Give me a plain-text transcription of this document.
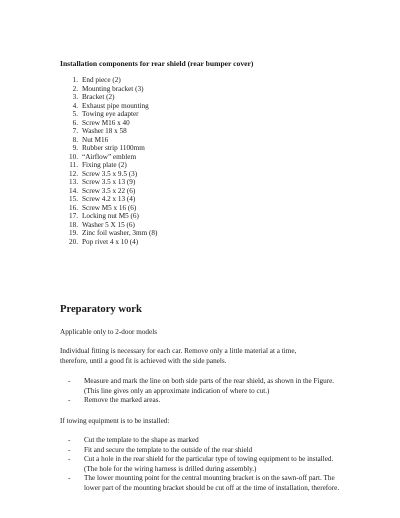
Installation components for rear shield (rear bumper cover)
1. End piece (2)
2. Mounting bracket (3)
3. Bracket (2)
4. Exhaust pipe mounting
5. Towing eye adapter
6. Screw M16 x 40
7. Washer 18 x 58
8. Nut M16
9. Rubber strip 1100mm
10. “Airflow” emblem
11. Fixing plate (2)
12. Screw 3.5 x 9.5 (3)
13. Screw 3.5 x 13 (9)
14. Screw 3.5 x 22 (6)
15. Screw 4.2 x 13 (4)
16. Screw M5 x 16 (6)
17. Locking nut M5 (6)
18. Washer 5 X 15 (6)
19. Zinc foil washer, 3mm (8)
20. Pop rivet 4 x 10 (4)
Preparatory work
Applicable only to 2-door models
Individual fitting is necessary for each car. Remove only a little material at a time,
therefore, until a good fit is achieved with the side panels.
-	Measure and mark the line on both side parts of the rear shield, as shown in the Figure. (This line gives only an approximate indication of where to cut.)
-	Remove the marked areas.
If towing equipment is to be installed:
-	Cut the template to the shape as marked
-	Fit and secure the template to the outside of the rear shield
-	Cut a hole in the rear shield for the particular type of towing equipment to be installed. (The hole for the wiring harness is drilled during assembly.)
-	The lower mounting point for the central mounting bracket is on the sawn-off part. The lower part of the mounting bracket should be cut off at the time of installation, therefore.
